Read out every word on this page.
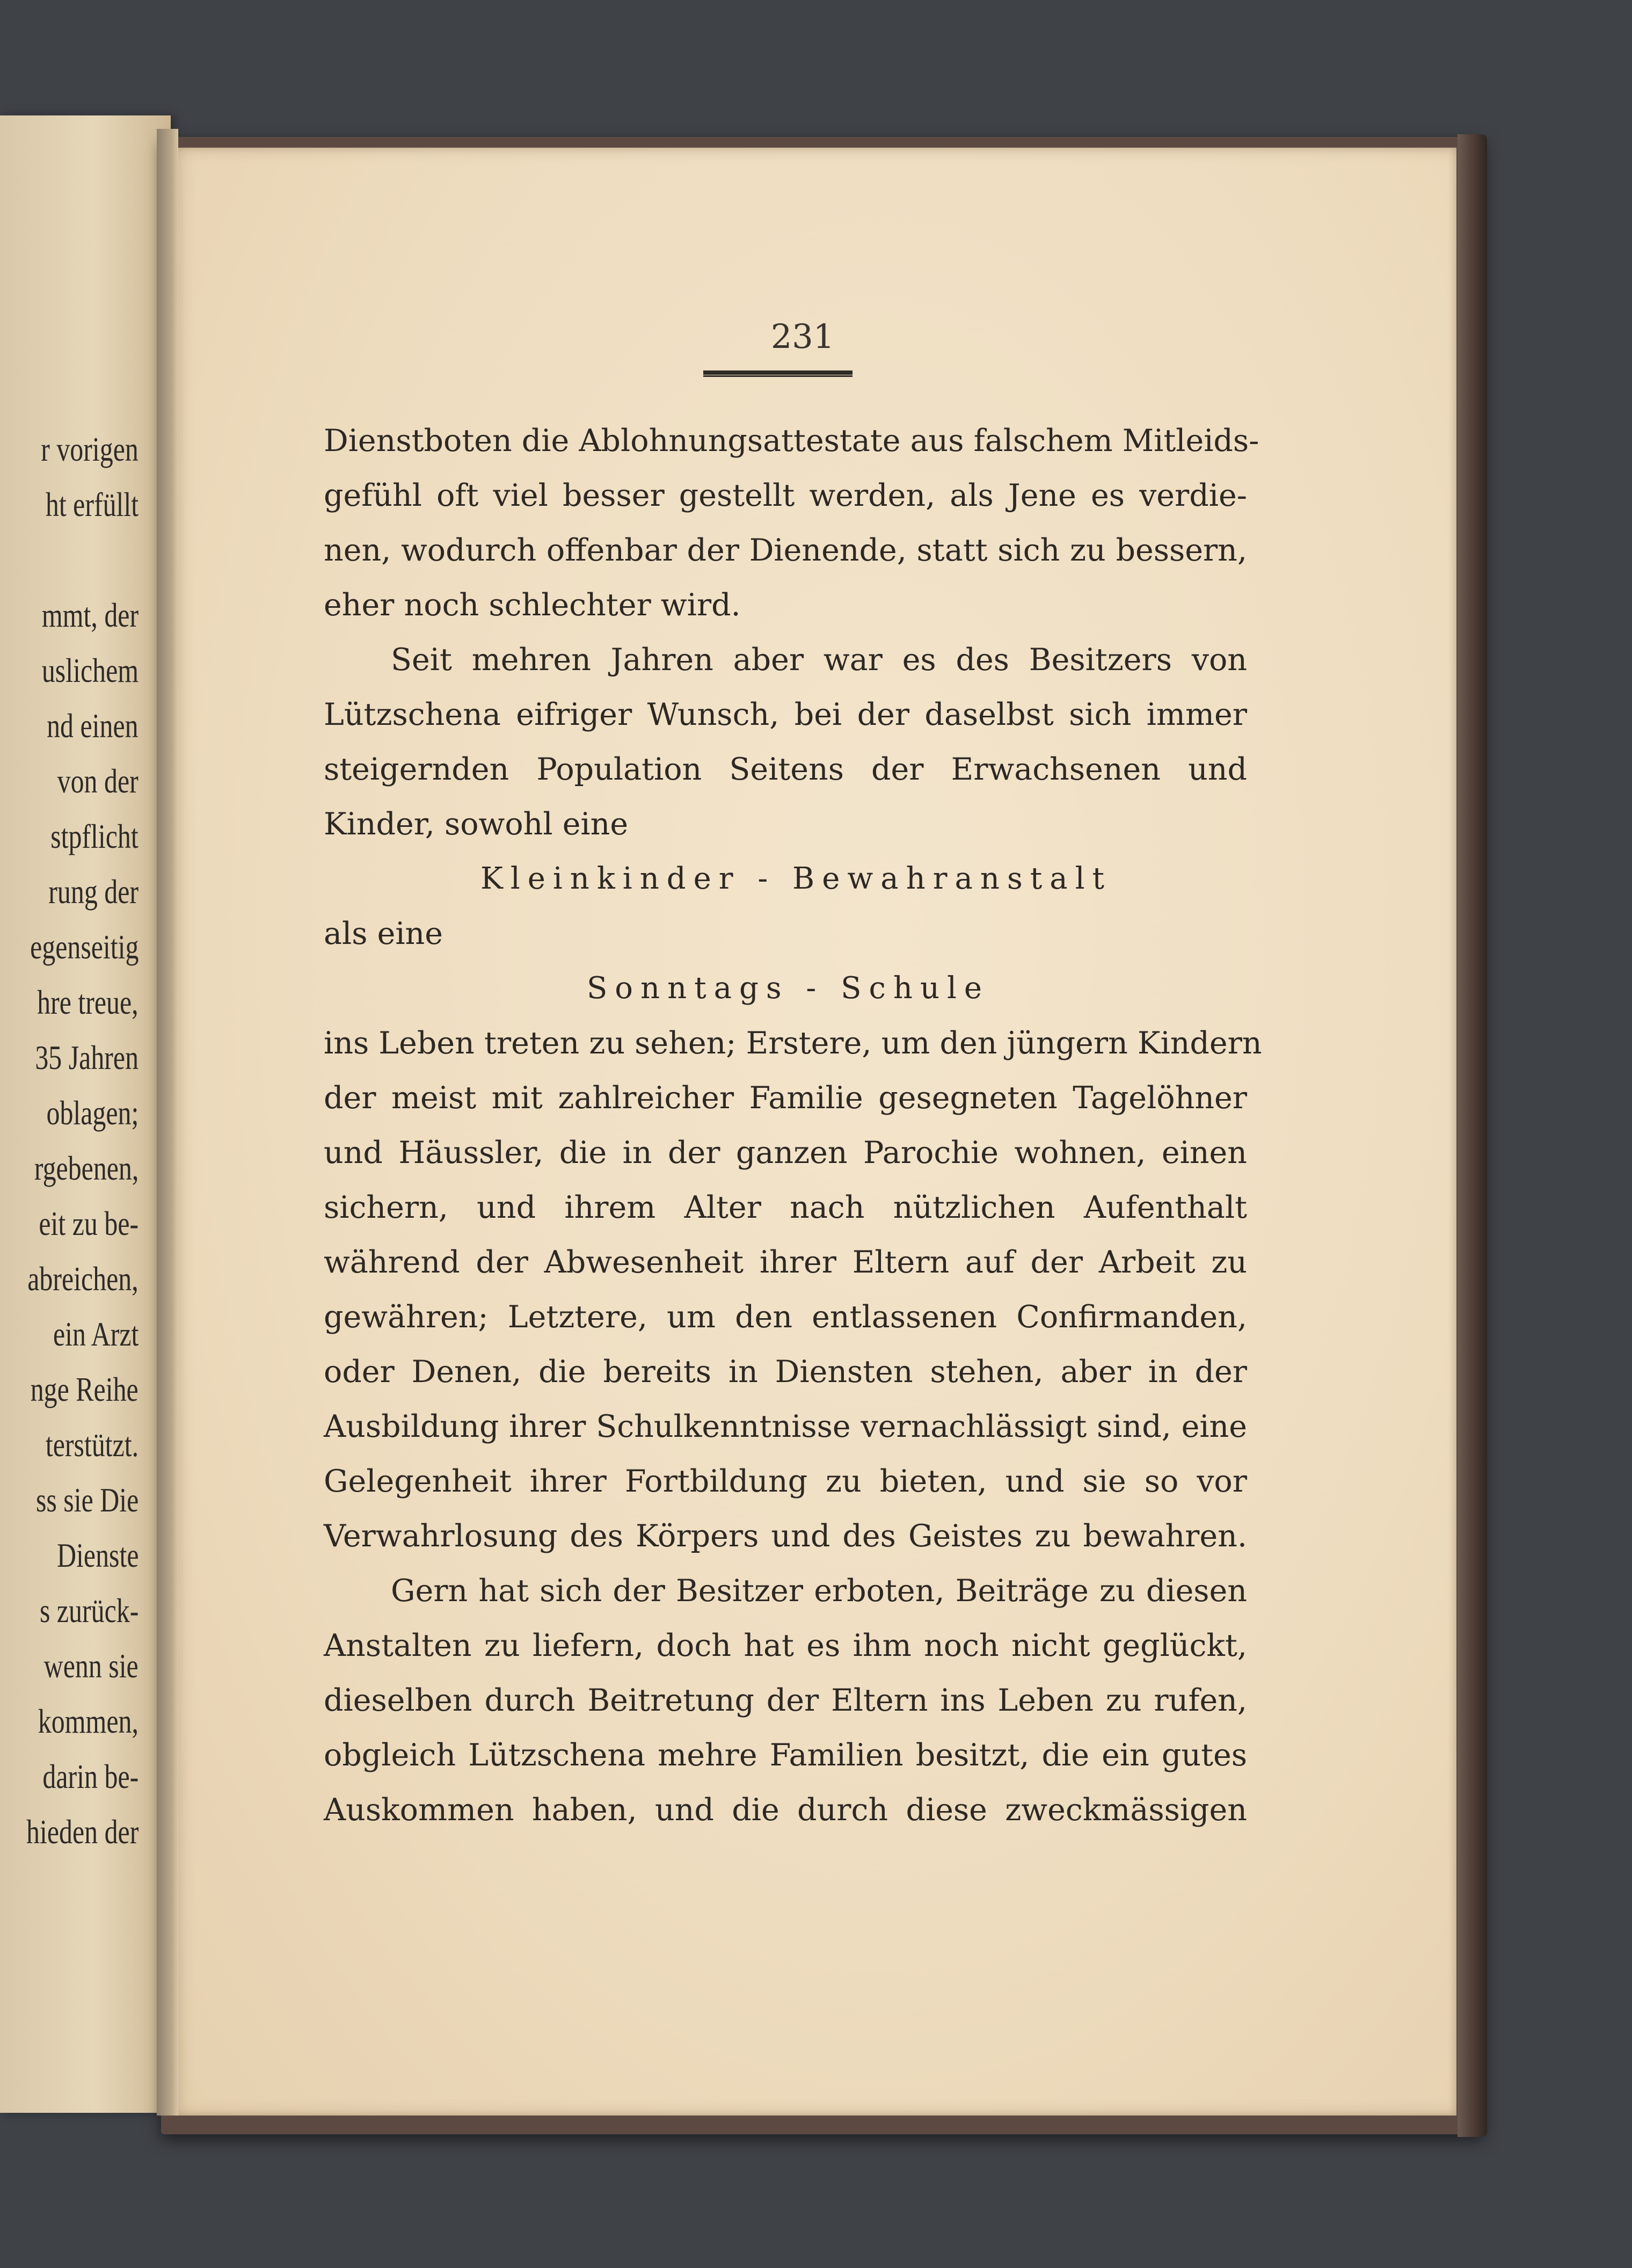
r vorigen
ht erfüllt
mmt, der
uslichem
nd einen
von der
stpflicht
rung der
egenseitig
hre treue,
35 Jahren
oblagen;
rgebenen,
eit zu be-
abreichen,
ein Arzt
nge Reihe
terstützt.
ss sie Die
Dienste
s zurück-
wenn sie
kommen,
darin be-
hieden der
231
Dienstboten die Ablohnungsattestate aus falschem Mitleids-
gefühl oft viel besser gestellt werden, als Jene es verdie-
nen, wodurch offenbar der Dienende, statt sich zu bessern,
eher noch schlechter wird.
Seit mehren Jahren aber war es des Besitzers von
Lützschena eifriger Wunsch, bei der daselbst sich immer
steigernden Population Seitens der Erwachsenen und
Kinder, sowohl eine
Kleinkinder - Bewahranstalt
als eine
Sonntags - Schule
ins Leben treten zu sehen; Erstere, um den jüngern Kindern
der meist mit zahlreicher Familie gesegneten Tagelöhner
und Häussler, die in der ganzen Parochie wohnen, einen
sichern, und ihrem Alter nach nützlichen Aufenthalt
während der Abwesenheit ihrer Eltern auf der Arbeit zu
gewähren; Letztere, um den entlassenen Confirmanden,
oder Denen, die bereits in Diensten stehen, aber in der
Ausbildung ihrer Schulkenntnisse vernachlässigt sind, eine
Gelegenheit ihrer Fortbildung zu bieten, und sie so vor
Verwahrlosung des Körpers und des Geistes zu bewahren.
Gern hat sich der Besitzer erboten, Beiträge zu diesen
Anstalten zu liefern, doch hat es ihm noch nicht geglückt,
dieselben durch Beitretung der Eltern ins Leben zu rufen,
obgleich Lützschena mehre Familien besitzt, die ein gutes
Auskommen haben, und die durch diese zweckmässigen
